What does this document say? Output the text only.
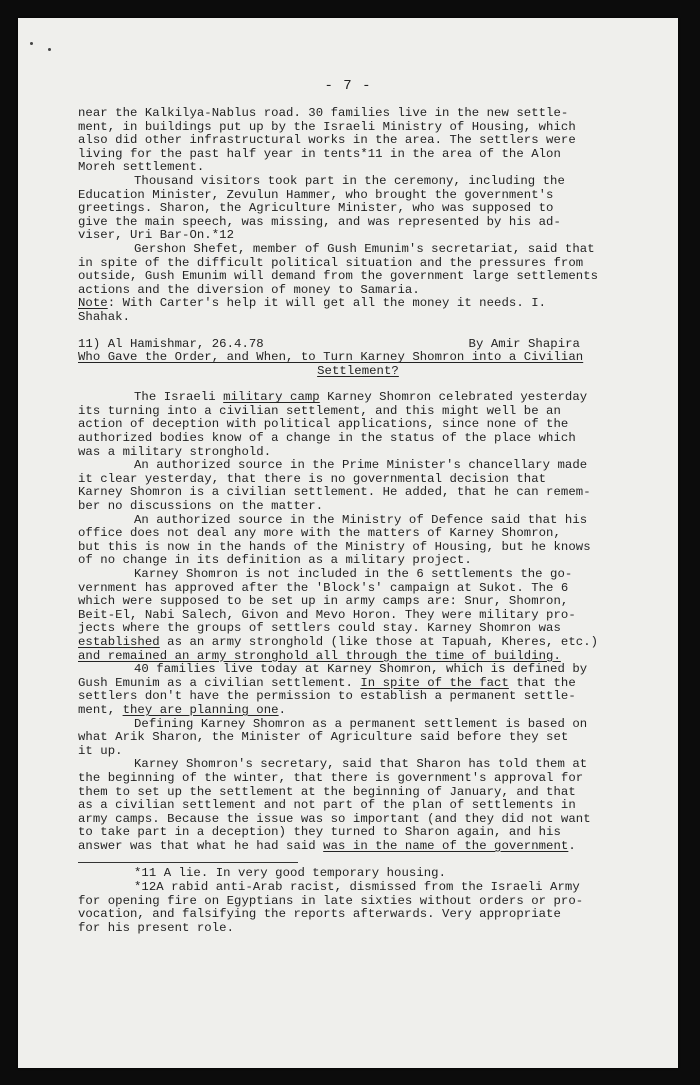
- 7 -
near the Kalkilya-Nablus road. 30 families live in the new settle-
ment, in buildings put up by the Israeli Ministry of Housing, which
also did other infrastructural works in the area. The settlers were
living for the past half year in tents*11 in the area of the Alon
Moreh settlement.
Thousand visitors took part in the ceremony, including the
Education Minister, Zevulun Hammer, who brought the government's
greetings. Sharon, the Agriculture Minister, who was supposed to
give the main speech, was missing, and was represented by his ad-
viser, Uri Bar-On.*12
Gershon Shefet, member of Gush Emunim's secretariat, said that
in spite of the difficult political situation and the pressures from
outside, Gush Emunim will demand from the government large settlements
actions and the diversion of money to Samaria.
Note: With Carter's help it will get all the money it needs. I.
Shahak.
11) Al Hamishmar, 26.4.78	By Amir Shapira
Who Gave the Order, and When, to Turn Karney Shomron into a Civilian
Settlement?
The Israeli military camp Karney Shomron celebrated yesterday
its turning into a civilian settlement, and this might well be an
action of deception with political applications, since none of the
authorized bodies know of a change in the status of the place which
was a military stronghold.
An authorized source in the Prime Minister's chancellary made
it clear yesterday, that there is no governmental decision that
Karney Shomron is a civilian settlement. He added, that he can remem-
ber no discussions on the matter.
An authorized source in the Ministry of Defence said that his
office does not deal any more with the matters of Karney Shomron,
but this is now in the hands of the Ministry of Housing, but he knows
of no change in its definition as a military project.
Karney Shomron is not included in the 6 settlements the go-
vernment has approved after the 'Block's' campaign at Sukot. The 6
which were supposed to be set up in army camps are: Snur, Shomron,
Beit-El, Nabi Salech, Givon and Mevo Horon. They were military pro-
jects where the groups of settlers could stay. Karney Shomron was
established as an army stronghold (like those at Tapuah, Kheres, etc.)
and remained an army stronghold all through the time of building.
40 families live today at Karney Shomron, which is defined by
Gush Emunim as a civilian settlement. In spite of the fact that the
settlers don't have the permission to establish a permanent settle-
ment, they are planning one.
Defining Karney Shomron as a permanent settlement is based on
what Arik Sharon, the Minister of Agriculture said before they set
it up.
Karney Shomron's secretary, said that Sharon has told them at
the beginning of the winter, that there is government's approval for
them to set up the settlement at the beginning of January, and that
as a civilian settlement and not part of the plan of settlements in
army camps. Because the issue was so important (and they did not want
to take part in a deception) they turned to Sharon again, and his
answer was that what he had said was in the name of the government.
*11 A lie. In very good temporary housing.
*12A rabid anti-Arab racist, dismissed from the Israeli Army
for opening fire on Egyptians in late sixties without orders or pro-
vocation, and falsifying the reports afterwards. Very appropriate
for his present role.
